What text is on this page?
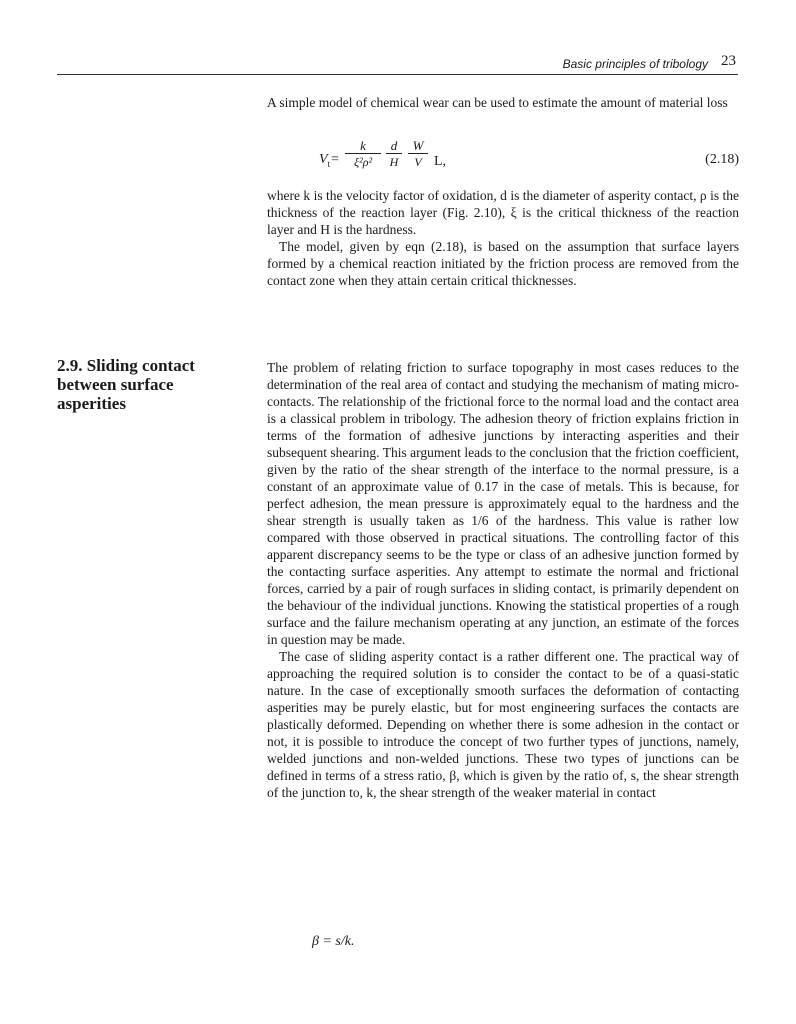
Basic principles of tribology 23

A simple model of chemical wear can be used to estimate the amount of material loss

$V_t= \frac{k}{\text{ξ²ρ²}} \frac{d}{H} \frac{W}{V} L$,	(2.18)

where k is the velocity factor of oxidation, d is the diameter of asperity contact, ρ is the thickness of the reaction layer (Fig. 2.10), ξ is the critical thickness of the reaction layer and H is the hardness.

The model, given by eqn (2.18), is based on the assumption that surface layers formed by a chemical reaction initiated by the friction process are removed from the contact zone when they attain certain critical thicknesses.

2.9. Sliding contact between surface asperities

The problem of relating friction to surface topography in most cases reduces to the determination of the real area of contact and studying the mechanism of mating micro-contacts. The relationship of the frictional force to the normal load and the contact area is a classical problem in tribology. The adhesion theory of friction explains friction in terms of the formation of adhesive junctions by interacting asperities and their subsequent shearing. This argument leads to the conclusion that the friction coefficient, given by the ratio of the shear strength of the interface to the normal pressure, is a constant of an approximate value of 0.17 in the case of metals. This is because, for perfect adhesion, the mean pressure is approximately equal to the hardness and the shear strength is usually taken as 1/6 of the hardness. This value is rather low compared with those observed in practical situations. The controlling factor of this apparent discrepancy seems to be the type or class of an adhesive junction formed by the contacting surface asperities. Any attempt to estimate the normal and frictional forces, carried by a pair of rough surfaces in sliding contact, is primarily dependent on the behaviour of the individual junctions. Knowing the statistical properties of a rough surface and the failure mechanism operating at any junction, an estimate of the forces in question may be made.

The case of sliding asperity contact is a rather different one. The practical way of approaching the required solution is to consider the contact to be of a quasi-static nature. In the case of exceptionally smooth surfaces the deformation of contacting asperities may be purely elastic, but for most engineering surfaces the contacts are plastically deformed. Depending on whether there is some adhesion in the contact or not, it is possible to introduce the concept of two further types of junctions, namely, welded junctions and non-welded junctions. These two types of junctions can be defined in terms of a stress ratio, β, which is given by the ratio of, s, the shear strength of the junction to, k, the shear strength of the weaker material in contact

β = s/k.
